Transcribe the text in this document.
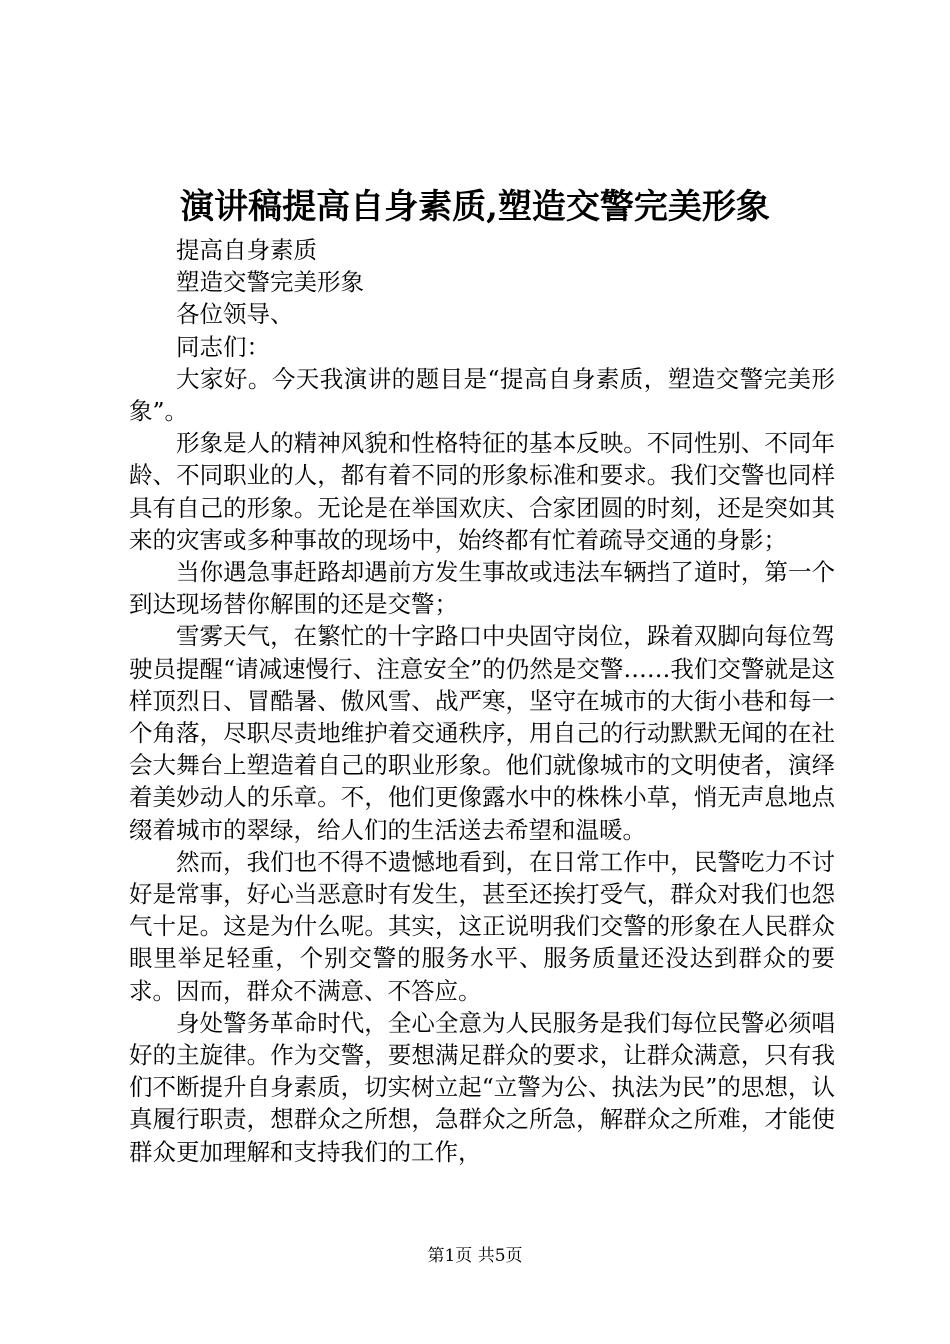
演讲稿提高自身素质,塑造交警完美形象

提高自身素质

塑造交警完美形象

各位领导、

同志们：

大家好。今天我演讲的题目是“提高自身素质，塑造交警完美形象”。

形象是人的精神风貌和性格特征的基本反映。不同性别、不同年龄、不同职业的人，都有着不同的形象标准和要求。我们交警也同样具有自己的形象。无论是在举国欢庆、合家团圆的时刻，还是突如其来的灾害或多种事故的现场中，始终都有忙着疏导交通的身影；

当你遇急事赶路却遇前方发生事故或违法车辆挡了道时，第一个到达现场替你解围的还是交警；

雪雾天气，在繁忙的十字路口中央固守岗位，跺着双脚向每位驾驶员提醒“请减速慢行、注意安全”的仍然是交警……我们交警就是这样顶烈日、冒酷暑、傲风雪、战严寒，坚守在城市的大街小巷和每一个角落，尽职尽责地维护着交通秩序，用自己的行动默默无闻的在社会大舞台上塑造着自己的职业形象。他们就像城市的文明使者，演绎着美妙动人的乐章。不，他们更像露水中的株株小草，悄无声息地点缀着城市的翠绿，给人们的生活送去希望和温暖。

然而，我们也不得不遗憾地看到，在日常工作中，民警吃力不讨好是常事，好心当恶意时有发生，甚至还挨打受气，群众对我们也怨气十足。这是为什么呢。其实，这正说明我们交警的形象在人民群众眼里举足轻重，个别交警的服务水平、服务质量还没达到群众的要求。因而，群众不满意、不答应。

身处警务革命时代，全心全意为人民服务是我们每位民警必须唱好的主旋律。作为交警，要想满足群众的要求，让群众满意，只有我们不断提升自身素质，切实树立起“立警为公、执法为民”的思想，认真履行职责，想群众之所想，急群众之所急，解群众之所难，才能使群众更加理解和支持我们的工作，

第1页 共5页
